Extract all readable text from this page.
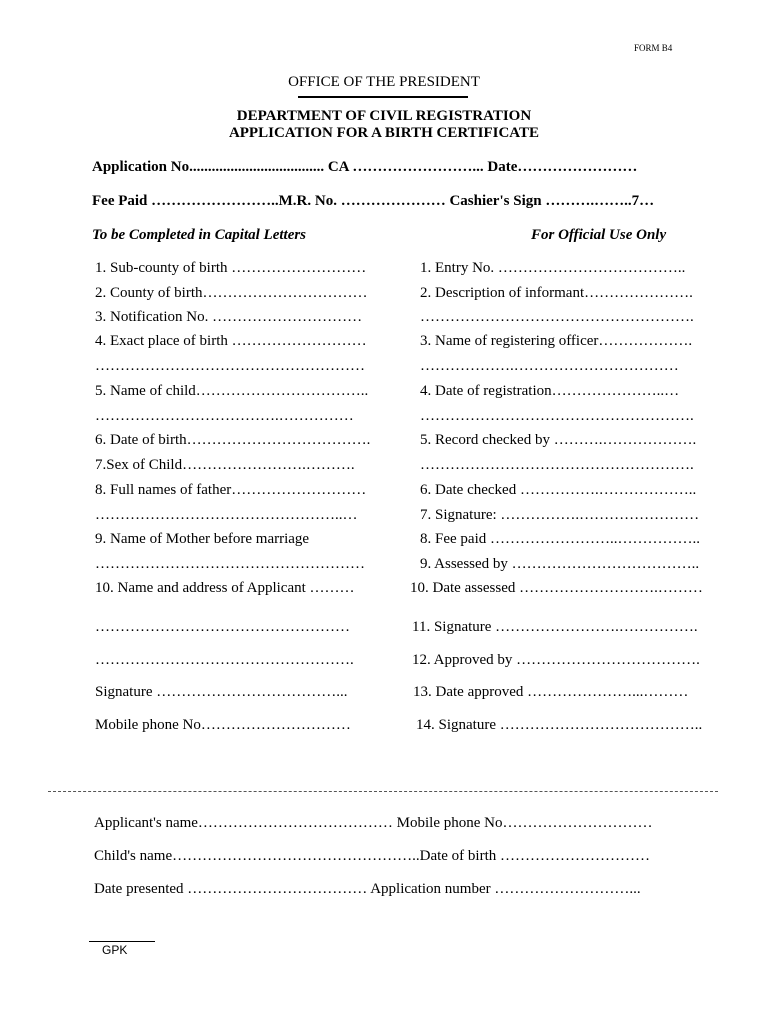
FORM B4
OFFICE OF THE PRESIDENT
DEPARTMENT OF CIVIL REGISTRATION
APPLICATION FOR A BIRTH CERTIFICATE
Application No.................................... CA ……………………... Date……………………
Fee Paid ……………………..M.R. No. ………………… Cashier's Sign ……….……..7…
To be Completed in Capital Letters	For Official Use Only
1. Sub-county of birth ………………………
2. County of birth……………………………
3. Notification No. …………………………
4. Exact place of birth ………………………
………………………………………………
5. Name of child……………………………..
……………………………….……………
6. Date of birth……………………………….
7.Sex of Child…………………….……….
8. Full names of father………………………
…………………………………………..…
9. Name of Mother before marriage
………………………………………………
10. Name and address of Applicant ………
……………………………………………
…………………………………………….
Signature ………………………………...
Mobile phone No…………………………
1. Entry No. ………………………………..
2. Description of informant………………….
……………………………………………….
3. Name of registering officer……………….
……………….……………………………
4. Date of registration…………………..…
……………………………………………….
5. Record checked by ……….……………….
……………………………………………….
6. Date checked …………….………………..
7. Signature: …………….……………………
8. Fee paid ……………………..……………..
9. Assessed by ………………………………..
10. Date assessed ……………………….………
11. Signature …………………….…………….
12. Approved by ……………………………….
13. Date approved …………………...………
14. Signature …………………………………..
Applicant's name………………………………… Mobile phone No…………………………
Child's name…………………………………………..Date of birth …………………………
Date presented ……………………………… Application number ………………………...
GPK
